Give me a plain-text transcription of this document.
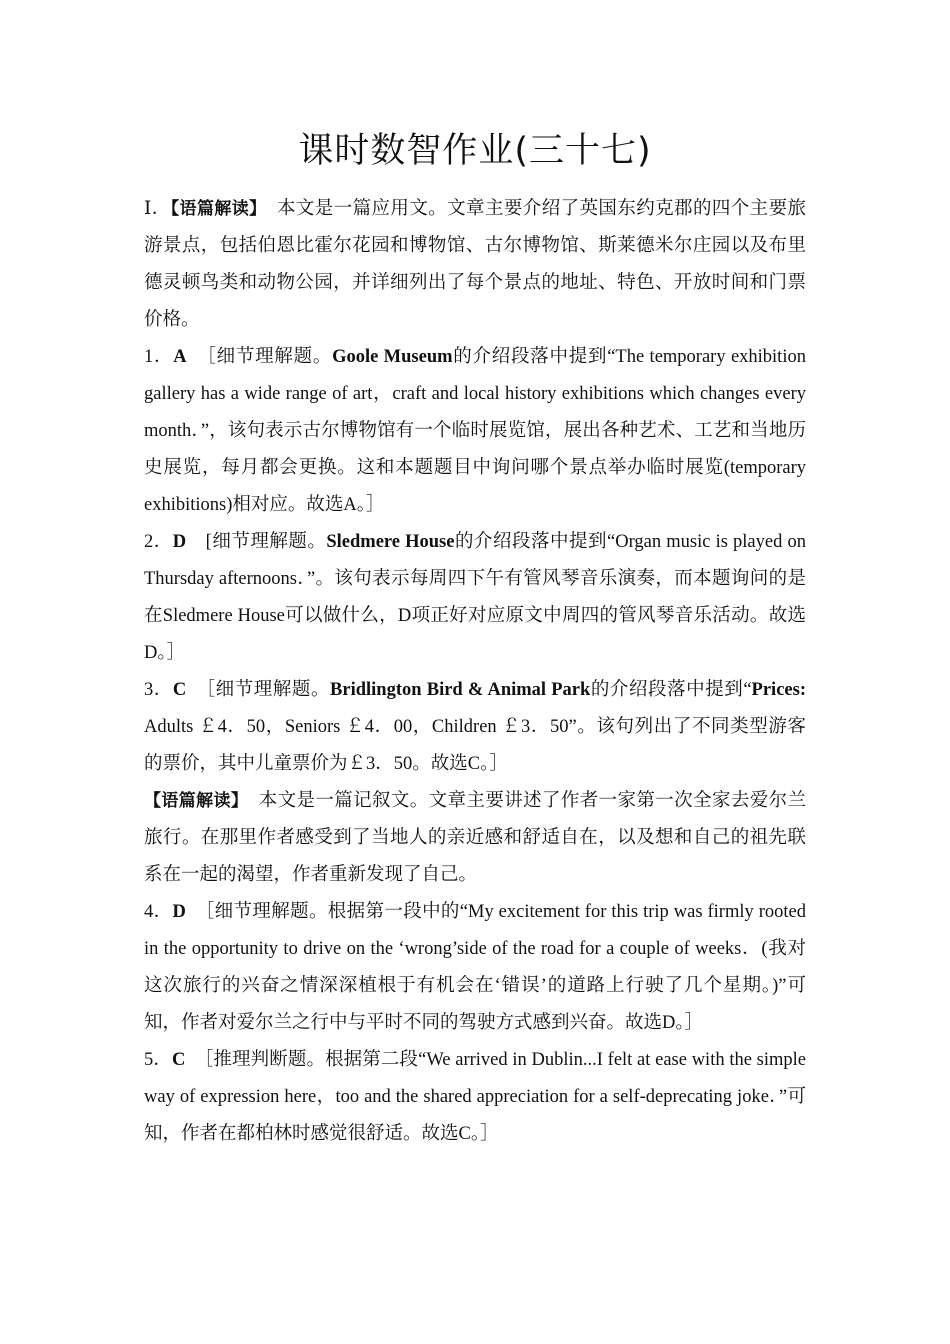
课时数智作业(三十七)

Ⅰ．【语篇解读】　本文是一篇应用文。文章主要介绍了英国东约克郡的四个主要旅游景点，包括伯恩比霍尔花园和博物馆、古尔博物馆、斯莱德米尔庄园以及布里德灵顿鸟类和动物公园，并详细列出了每个景点的地址、特色、开放时间和门票价格。

1．A　［细节理解题。Goole Museum的介绍段落中提到“The temporary exhibition gallery has a wide range of art，craft and local history exhibitions which changes every month．”，该句表示古尔博物馆有一个临时展览馆，展出各种艺术、工艺和当地历史展览，每月都会更换。这和本题题目中询问哪个景点举办临时展览(temporary exhibitions)相对应。故选A。］

2．D　[细节理解题。Sledmere House的介绍段落中提到“Organ music is played on Thursday afternoons．”。该句表示每周四下午有管风琴音乐演奏，而本题询问的是在Sledmere House可以做什么，D项正好对应原文中周四的管风琴音乐活动。故选D。］

3．C　［细节理解题。Bridlington Bird & Animal Park的介绍段落中提到“Prices: Adults ￡4．50，Seniors ￡4．00，Children ￡3．50”。该句列出了不同类型游客的票价，其中儿童票价为￡3．50。故选C。］

【语篇解读】　本文是一篇记叙文。文章主要讲述了作者一家第一次全家去爱尔兰旅行。在那里作者感受到了当地人的亲近感和舒适自在，以及想和自己的祖先联系在一起的渴望，作者重新发现了自己。

4．D　［细节理解题。根据第一段中的“My excitement for this trip was firmly rooted in the opportunity to drive on the ‘wrong’side of the road for a couple of weeks．(我对这次旅行的兴奋之情深深植根于有机会在‘错误’的道路上行驶了几个星期。)”可知，作者对爱尔兰之行中与平时不同的驾驶方式感到兴奋。故选D。］

5．C　［推理判断题。根据第二段“We arrived in Dublin...I felt at ease with the simple way of expression here，too and the shared appreciation for a self-deprecating joke．”可知，作者在都柏林时感觉很舒适。故选C。］
